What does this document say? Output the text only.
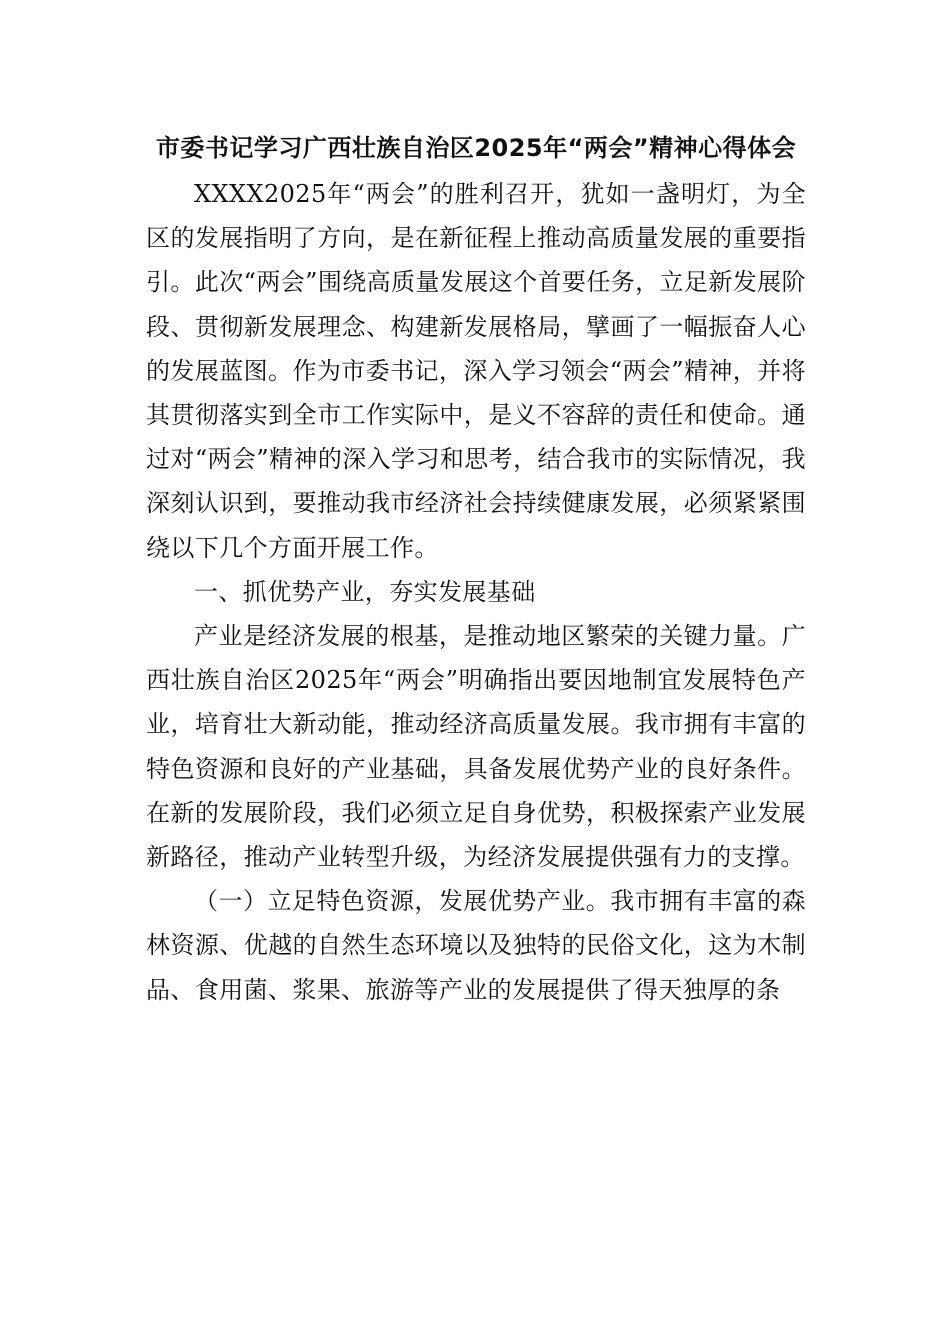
市委书记学习广西壮族自治区2025年“两会”精神心得体会

XXXX2025年“两会”的胜利召开，犹如一盏明灯，为全区的发展指明了方向，是在新征程上推动高质量发展的重要指引。此次“两会”围绕高质量发展这个首要任务，立足新发展阶段、贯彻新发展理念、构建新发展格局，擘画了一幅振奋人心的发展蓝图。作为市委书记，深入学习领会“两会”精神，并将其贯彻落实到全市工作实际中，是义不容辞的责任和使命。通过对“两会”精神的深入学习和思考，结合我市的实际情况，我深刻认识到，要推动我市经济社会持续健康发展，必须紧紧围绕以下几个方面开展工作。

一、抓优势产业，夯实发展基础

产业是经济发展的根基，是推动地区繁荣的关键力量。广西壮族自治区2025年“两会”明确指出要因地制宜发展特色产业，培育壮大新动能，推动经济高质量发展。我市拥有丰富的特色资源和良好的产业基础，具备发展优势产业的良好条件。在新的发展阶段，我们必须立足自身优势，积极探索产业发展新路径，推动产业转型升级，为经济发展提供强有力的支撑。

（一）立足特色资源，发展优势产业。我市拥有丰富的森林资源、优越的自然生态环境以及独特的民俗文化，这为木制品、食用菌、浆果、旅游等产业的发展提供了得天独厚的条
